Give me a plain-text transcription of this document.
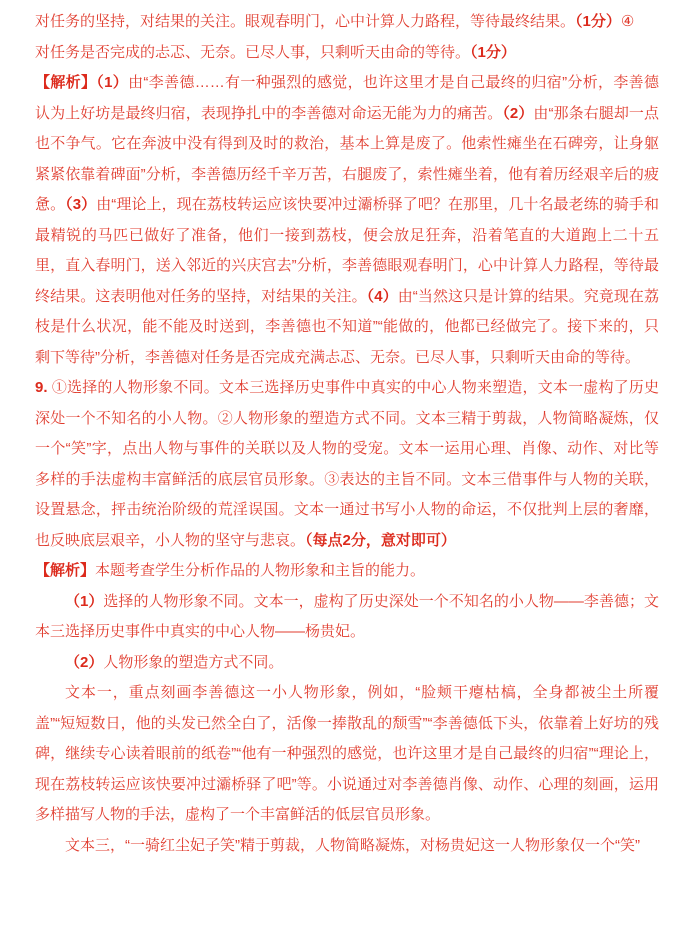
对任务的坚持，对结果的关注。眼观春明门，心中计算人力路程，等待最终结果。（1分）④

对任务是否完成的忐忑、无奈。已尽人事，只剩听天由命的等待。（1分）

【解析】（1）由“李善德……有一种强烈的感觉，也许这里才是自己最终的归宿”分析，李善德认为上好坊是最终归宿，表现挣扎中的李善德对命运无能为力的痛苦。（2）由“那条右腿却一点也不争气。它在奔波中没有得到及时的救治，基本上算是废了。他索性瘫坐在石碑旁，让身躯紧紧依靠着碑面”分析，李善德历经千辛万苦，右腿废了，索性瘫坐着，他有着历经艰辛后的疲惫。（3）由“理论上，现在荔枝转运应该快要冲过灞桥驿了吧？在那里，几十名最老练的骑手和最精锐的马匹已做好了准备，他们一接到荔枝，便会放足狂奔，沿着笔直的大道跑上二十五里，直入春明门，送入邻近的兴庆宫去”分析，李善德眼观春明门，心中计算人力路程，等待最终结果。这表明他对任务的坚持，对结果的关注。（4）由“当然这只是计算的结果。究竟现在荔枝是什么状况，能不能及时送到，李善德也不知道”“能做的，他都已经做完了。接下来的，只剩下等待”分析，李善德对任务是否完成充满忐忑、无奈。已尽人事，只剩听天由命的等待。

9. ①选择的人物形象不同。文本三选择历史事件中真实的中心人物来塑造，文本一虚构了历史深处一个不知名的小人物。②人物形象的塑造方式不同。文本三精于剪裁，人物简略凝炼，仅一个“笑”字，点出人物与事件的关联以及人物的受宠。文本一运用心理、肖像、动作、对比等多样的手法虚构丰富鲜活的底层官员形象。③表达的主旨不同。文本三借事件与人物的关联，设置悬念，抨击统治阶级的荒淫误国。文本一通过书写小人物的命运，不仅批判上层的奢靡，也反映底层艰辛，小人物的坚守与悲哀。（每点2分，意对即可）

【解析】本题考查学生分析作品的人物形象和主旨的能力。

（1）选择的人物形象不同。文本一，虚构了历史深处一个不知名的小人物——李善德；文本三选择历史事件中真实的中心人物——杨贵妃。

（2）人物形象的塑造方式不同。

文本一，重点刻画李善德这一小人物形象，例如，“脸颊干瘪枯槁，全身都被尘土所覆盖”“短短数日，他的头发已然全白了，活像一捧散乱的颓雪”“李善德低下头，依靠着上好坊的残碑，继续专心读着眼前的纸卷”“他有一种强烈的感觉，也许这里才是自己最终的归宿”“理论上，现在荔枝转运应该快要冲过灞桥驿了吧”等。小说通过对李善德肖像、动作、心理的刻画，运用多样描写人物的手法，虚构了一个丰富鲜活的低层官员形象。

文本三，“一骑红尘妃子笑”精于剪裁，人物简略凝炼，对杨贵妃这一人物形象仅一个“笑”
